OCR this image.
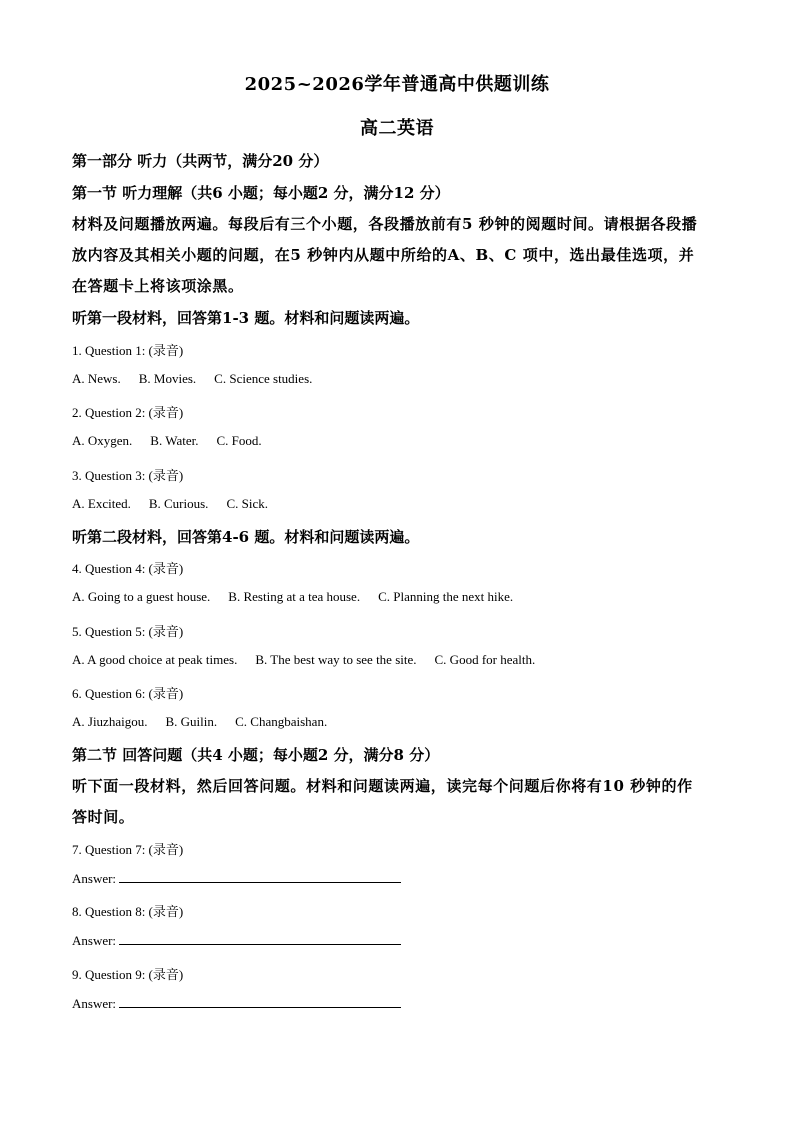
2025~2026学年普通高中供题训练
高二英语
第一部分 听力（共两节，满分20 分）
第一节 听力理解（共6 小题；每小题2 分，满分12 分）
材料及问题播放两遍。每段后有三个小题，各段播放前有5 秒钟的阅题时间。请根据各段播
放内容及其相关小题的问题，在5 秒钟内从题中所给的A、B、C 项中，选出最佳选项，并
在答题卡上将该项涂黑。
听第一段材料，回答第1-3 题。材料和问题读两遍。
1. Question 1: (录音)
A. News. B. Movies. C. Science studies.
2. Question 2: (录音)
A. Oxygen. B. Water. C. Food.
3. Question 3: (录音)
A. Excited. B. Curious. C. Sick.
听第二段材料，回答第4-6 题。材料和问题读两遍。
4. Question 4: (录音)
A. Going to a guest house. B. Resting at a tea house. C. Planning the next hike.
5. Question 5: (录音)
A. A good choice at peak times. B. The best way to see the site. C. Good for health.
6. Question 6: (录音)
A. Jiuzhaigou. B. Guilin. C. Changbaishan.
第二节 回答问题（共4 小题；每小题2 分，满分8 分）
听下面一段材料，然后回答问题。材料和问题读两遍，读完每个问题后你将有10 秒钟的作
答时间。
7. Question 7: (录音)
Answer:
8. Question 8: (录音)
Answer:
9. Question 9: (录音)
Answer:
